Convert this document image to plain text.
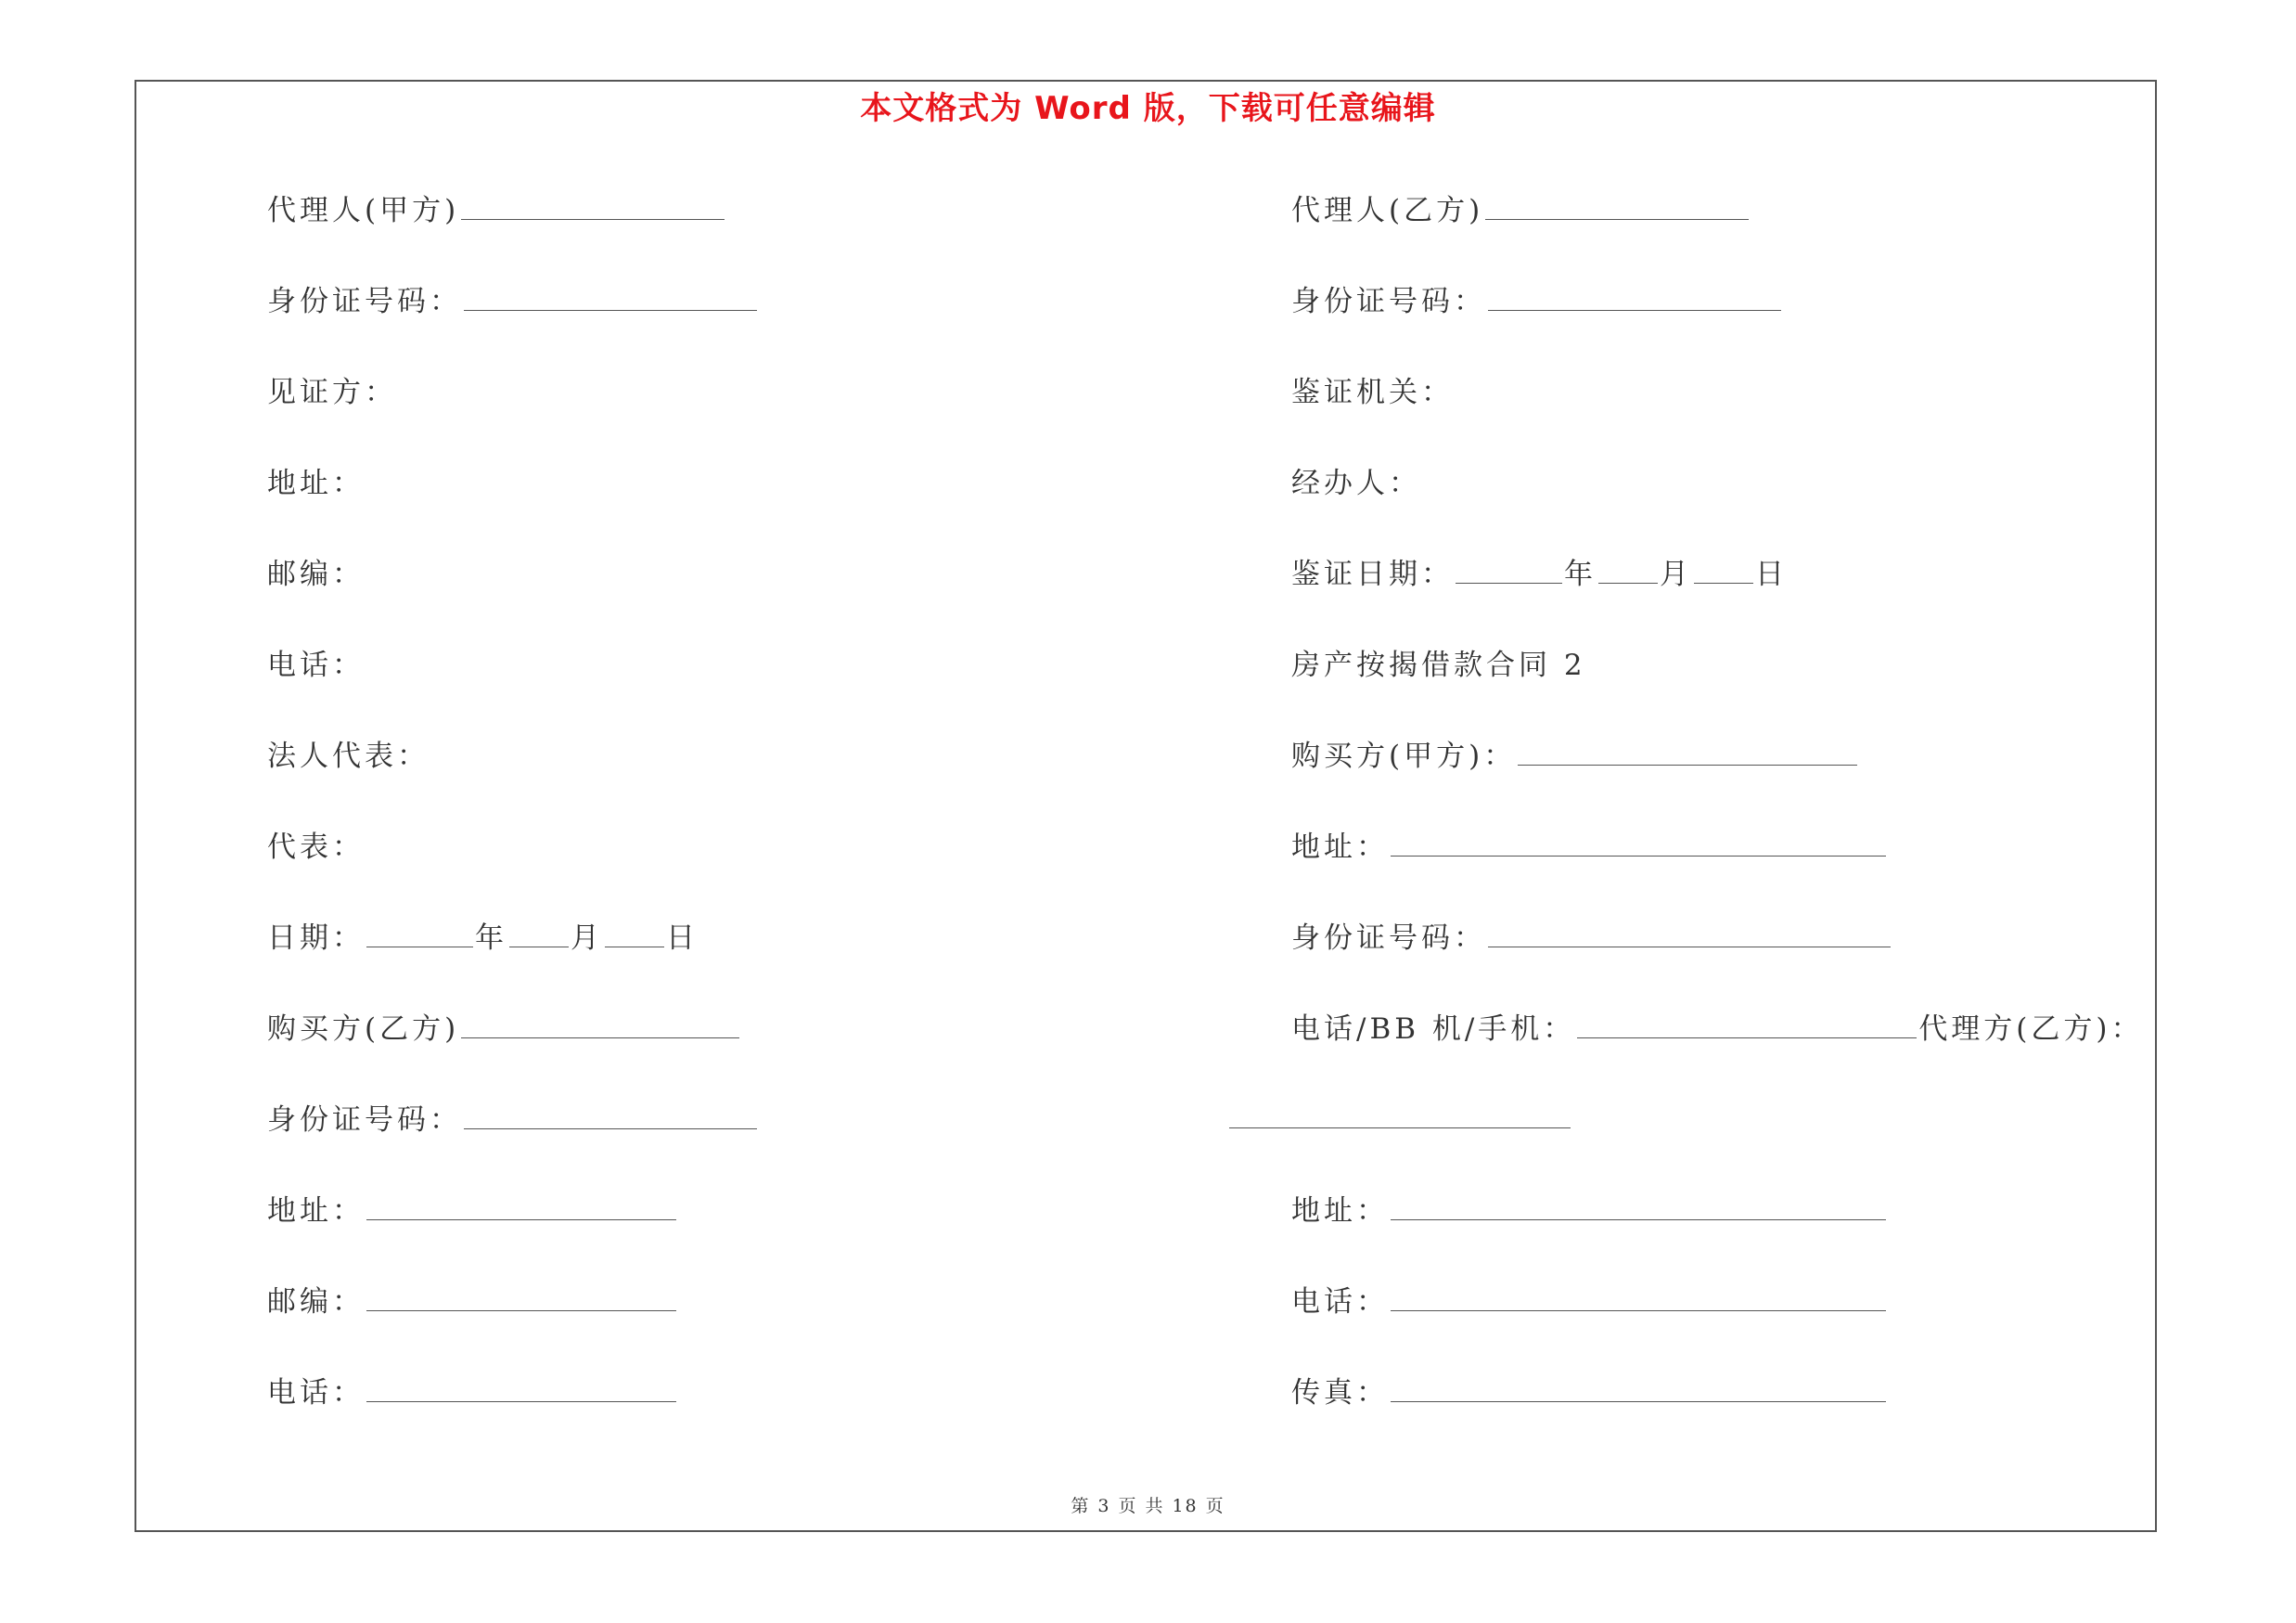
本文格式为 Word 版，下载可任意编辑
代理人(甲方)
身份证号码：
见证方：
地址：
邮编：
电话：
法人代表：
代表：
日期：	年 月 日
购买方(乙方)
身份证号码：
地址：
邮编：
电话：
代理人(乙方)
身份证号码：
鉴证机关：
经办人：
鉴证日期：	年 月 日
房产按揭借款合同 2
购买方(甲方)：
地址：
身份证号码：
电话/BB 机/手机：	代理方(乙方)：
地址：
电话：
传真：
第 3 页 共 18 页
